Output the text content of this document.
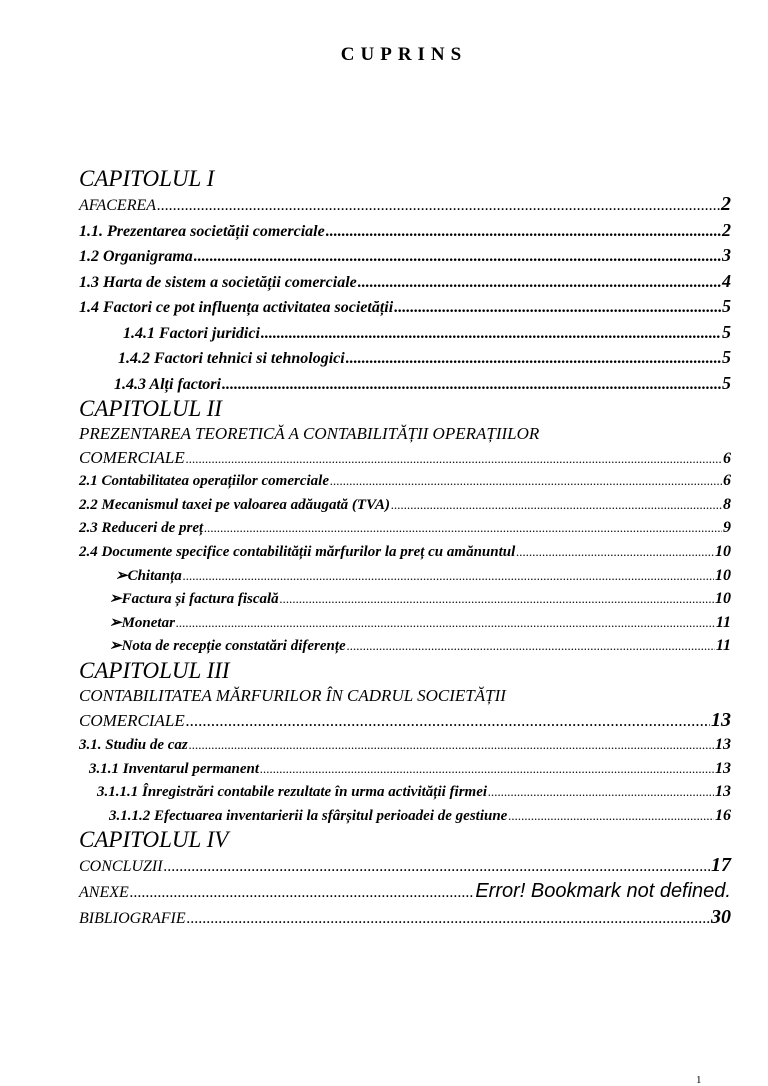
CUPRINS
CAPITOLUL I
AFACEREA .....	2
1.1. Prezentarea societății comerciale .....	2
1.2 Organigrama .....	3
1.3 Harta de sistem a societății comerciale .....	4
1.4 Factori ce pot influența activitatea societății .....	5
1.4.1 Factori juridici .....	5
1.4.2 Factori tehnici si tehnologici .....	5
1.4.3 Alți factori .....	5
CAPITOLUL II
PREZENTAREA TEORETICĂ A CONTABILITĂȚII OPERAȚIILOR
COMERCIALE .....	6
2.1 Contabilitatea operațiilor comerciale .....	6
2.2 Mecanismul taxei pe valoarea adăugată (TVA) .....	8
2.3 Reduceri de preț .....	9
2.4 Documente specifice contabilității mărfurilor la preț cu amănuntul .....	10
➢Chitanța .....	10
➢Factura și factura fiscală .....	10
➢Monetar .....	11
➢Nota de recepție constatări diferențe .....	11
CAPITOLUL III
CONTABILITATEA MĂRFURILOR ÎN CADRUL SOCIETĂȚII
COMERCIALE .....	13
3.1. Studiu de caz .....	13
3.1.1 Inventarul permanent .....	13
3.1.1.1 Înregistrări contabile rezultate în urma activității firmei .....	13
3.1.1.2 Efectuarea inventarierii la sfârșitul perioadei de gestiune .....	16
CAPITOLUL IV
CONCLUZII .....	17
ANEXE .....	Error! Bookmark not defined.
BIBLIOGRAFIE .....	30
1
